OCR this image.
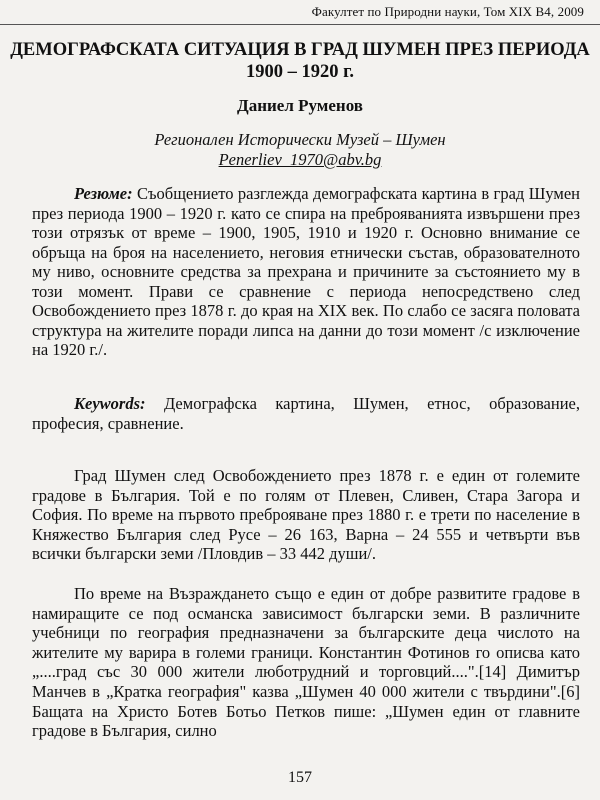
Факултет по Природни науки, Том XIX B4, 2009
ДЕМОГРАФСКАТА СИТУАЦИЯ В ГРАД ШУМЕН ПРЕЗ ПЕРИОДА 1900 – 1920 г.
Даниел Руменов
Регионален Исторически Музей – Шумен
Penerliev_1970@abv.bg

Резюме: Съобщението разглежда демографската картина в град Шумен през периода 1900 – 1920 г. като се спира на преброяванията извършени през този отрязък от време – 1900, 1905, 1910 и 1920 г. Основно внимание се обръща на броя на населението, неговия етнически състав, образователното му ниво, основните средства за прехрана и причините за състоянието му в този момент. Прави се сравнение с периода непосредствено след Освобождението през 1878 г. до края на XIX век. По слабо се засяга половата структура на жителите поради липса на данни до този момент /с изключение на 1920 г./.

Keywords: Демографска картина, Шумен, етнос, образование, професия, сравнение.

Град Шумен след Освобождението през 1878 г. е един от големите градове в България. Той е по голям от Плевен, Сливен, Стара Загора и София. По време на първото преброяване през 1880 г. е трети по население в Княжество България след Русе – 26 163, Варна – 24 555 и четвърти във всички български земи /Пловдив – 33 442 души/.

По време на Възраждането също е един от добре развитите градове в намиращите се под османска зависимост български земи. В различните учебници по география предназначени за българските деца числото на жителите му варира в големи граници. Константин Фотинов го описва като „....град със 30 000 жители люботрудний и торговций....".[14] Димитър Манчев в „Кратка география" казва „Шумен 40 000 жители с твърдини".[6] Бащата на Христо Ботев Ботьо Петков пише: „Шумен един от главните градове в България, силно

157
